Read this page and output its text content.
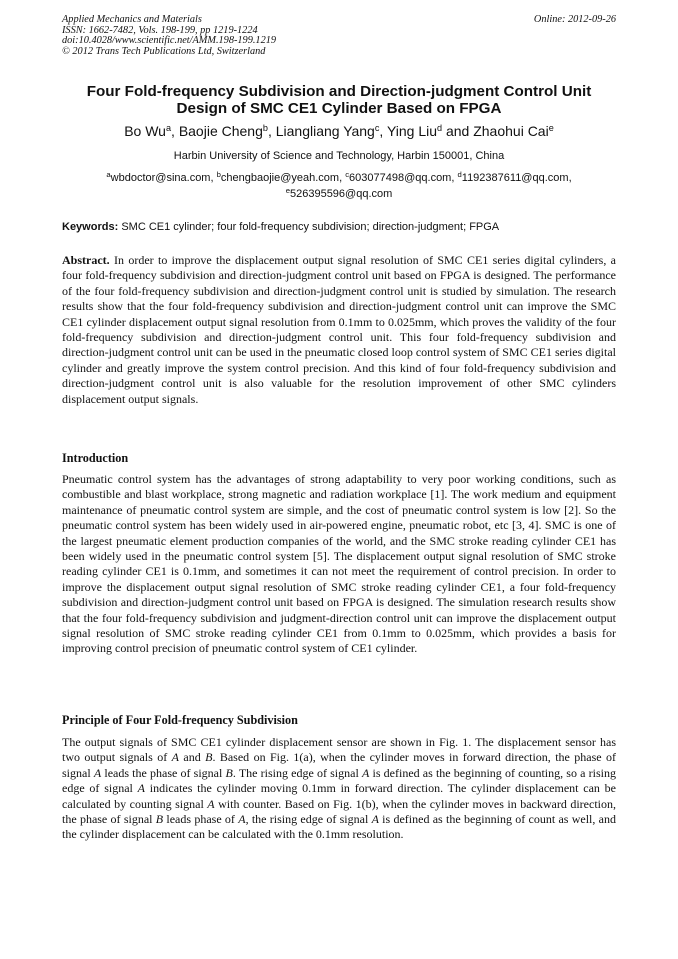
Applied Mechanics and Materials
ISSN: 1662-7482, Vols. 198-199, pp 1219-1224
doi:10.4028/www.scientific.net/AMM.198-199.1219
© 2012 Trans Tech Publications Ltd, Switzerland
Online: 2012-09-26
Four Fold-frequency Subdivision and Direction-judgment Control Unit
Design of SMC CE1 Cylinder Based on FPGA
Bo Wu$^a$, Baojie Cheng$^b$, Liangliang Yang$^c$, Ying Liu$^d$ and Zhaohui Cai$^e$
Harbin University of Science and Technology, Harbin 150001, China
$^a$wbdoctor@sina.com, $^b$chengbaojie@yeah.com, $^c$603077498@qq.com, $^d$1192387611@qq.com,
$^e$526395596@qq.com
Keywords: SMC CE1 cylinder; four fold-frequency subdivision; direction-judgment; FPGA
Abstract. In order to improve the displacement output signal resolution of SMC CE1 series digital cylinders, a four fold-frequency subdivision and direction-judgment control unit based on FPGA is designed. The performance of the four fold-frequency subdivision and direction-judgment control unit is studied by simulation. The research results show that the four fold-frequency subdivision and direction-judgment control unit can improve the SMC CE1 cylinder displacement output signal resolution from 0.1mm to 0.025mm, which proves the validity of the four fold-frequency subdivision and direction-judgment control unit. This four fold-frequency subdivision and direction-judgment control unit can be used in the pneumatic closed loop control system of SMC CE1 series digital cylinder and greatly improve the system control precision. And this kind of four fold-frequency subdivision and direction-judgment control unit is also valuable for the resolution improvement of other SMC cylinders displacement output signals.
Introduction
Pneumatic control system has the advantages of strong adaptability to very poor working conditions, such as combustible and blast workplace, strong magnetic and radiation workplace [1]. The work medium and equipment maintenance of pneumatic control system are simple, and the cost of pneumatic control system is low [2]. So the pneumatic control system has been widely used in air-powered engine, pneumatic robot, etc [3, 4]. SMC is one of the largest pneumatic element production companies of the world, and the SMC stroke reading cylinder CE1 has been widely used in the pneumatic control system [5]. The displacement output signal resolution of SMC stroke reading cylinder CE1 is 0.1mm, and sometimes it can not meet the requirement of control precision. In order to improve the displacement output signal resolution of SMC stroke reading cylinder CE1, a four fold-frequency subdivision and direction-judgment control unit based on FPGA is designed. The simulation research results show that the four fold-frequency subdivision and judgment-direction control unit can improve the displacement output signal resolution of SMC stroke reading cylinder CE1 from 0.1mm to 0.025mm, which provides a basis for improving control precision of pneumatic control system of CE1 cylinder.
Principle of Four Fold-frequency Subdivision
The output signals of SMC CE1 cylinder displacement sensor are shown in Fig. 1. The displacement sensor has two output signals of A and B. Based on Fig. 1(a), when the cylinder moves in forward direction, the phase of signal A leads the phase of signal B. The rising edge of signal A is defined as the beginning of counting, so a rising edge of signal A indicates the cylinder moving 0.1mm in forward direction. The cylinder displacement can be calculated by counting signal A with counter. Based on Fig. 1(b), when the cylinder moves in backward direction, the phase of signal B leads phase of A, the rising edge of signal A is defined as the beginning of count as well, and the cylinder displacement can be calculated with the 0.1mm resolution.
